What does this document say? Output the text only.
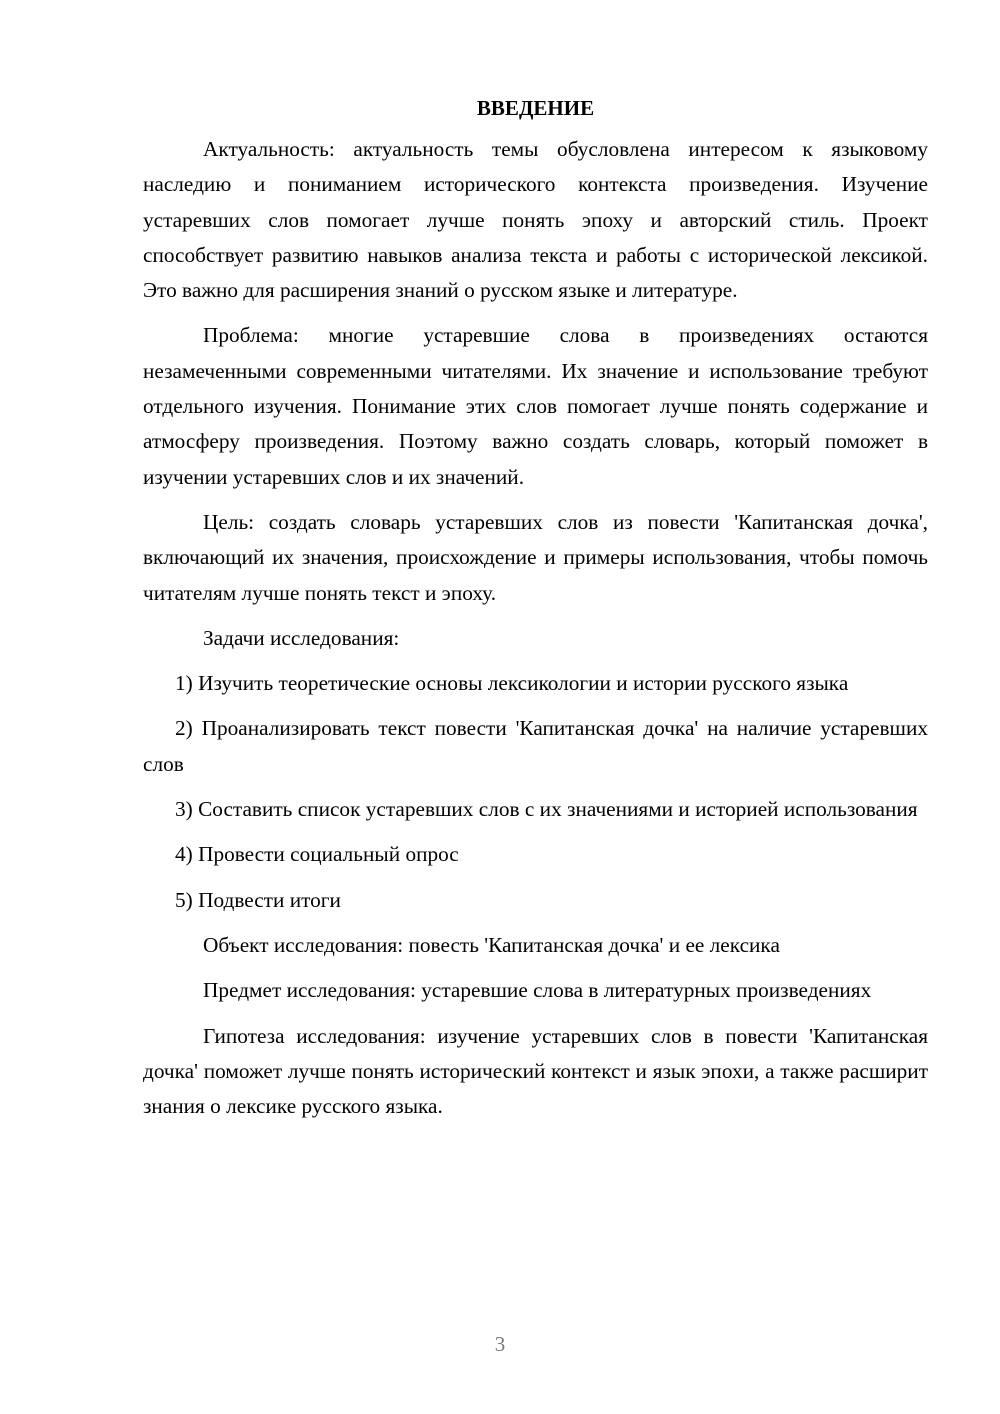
ВВЕДЕНИЕ

Актуальность: актуальность темы обусловлена интересом к языковому наследию и пониманием исторического контекста произведения. Изучение устаревших слов помогает лучше понять эпоху и авторский стиль. Проект способствует развитию навыков анализа текста и работы с исторической лексикой. Это важно для расширения знаний о русском языке и литературе.

Проблема: многие устаревшие слова в произведениях остаются незамеченными современными читателями. Их значение и использование требуют отдельного изучения. Понимание этих слов помогает лучше понять содержание и атмосферу произведения. Поэтому важно создать словарь, который поможет в изучении устаревших слов и их значений.

Цель: создать словарь устаревших слов из повести 'Капитанская дочка', включающий их значения, происхождение и примеры использования, чтобы помочь читателям лучше понять текст и эпоху.

Задачи исследования:

1) Изучить теоретические основы лексикологии и истории русского языка

2) Проанализировать текст повести 'Капитанская дочка' на наличие устаревших слов

3) Составить список устаревших слов с их значениями и историей использования

4) Провести социальный опрос

5) Подвести итоги

Объект исследования: повесть 'Капитанская дочка' и ее лексика

Предмет исследования: устаревшие слова в литературных произведениях

Гипотеза исследования: изучение устаревших слов в повести 'Капитанская дочка' поможет лучше понять исторический контекст и язык эпохи, а также расширит знания о лексике русского языка.

3
